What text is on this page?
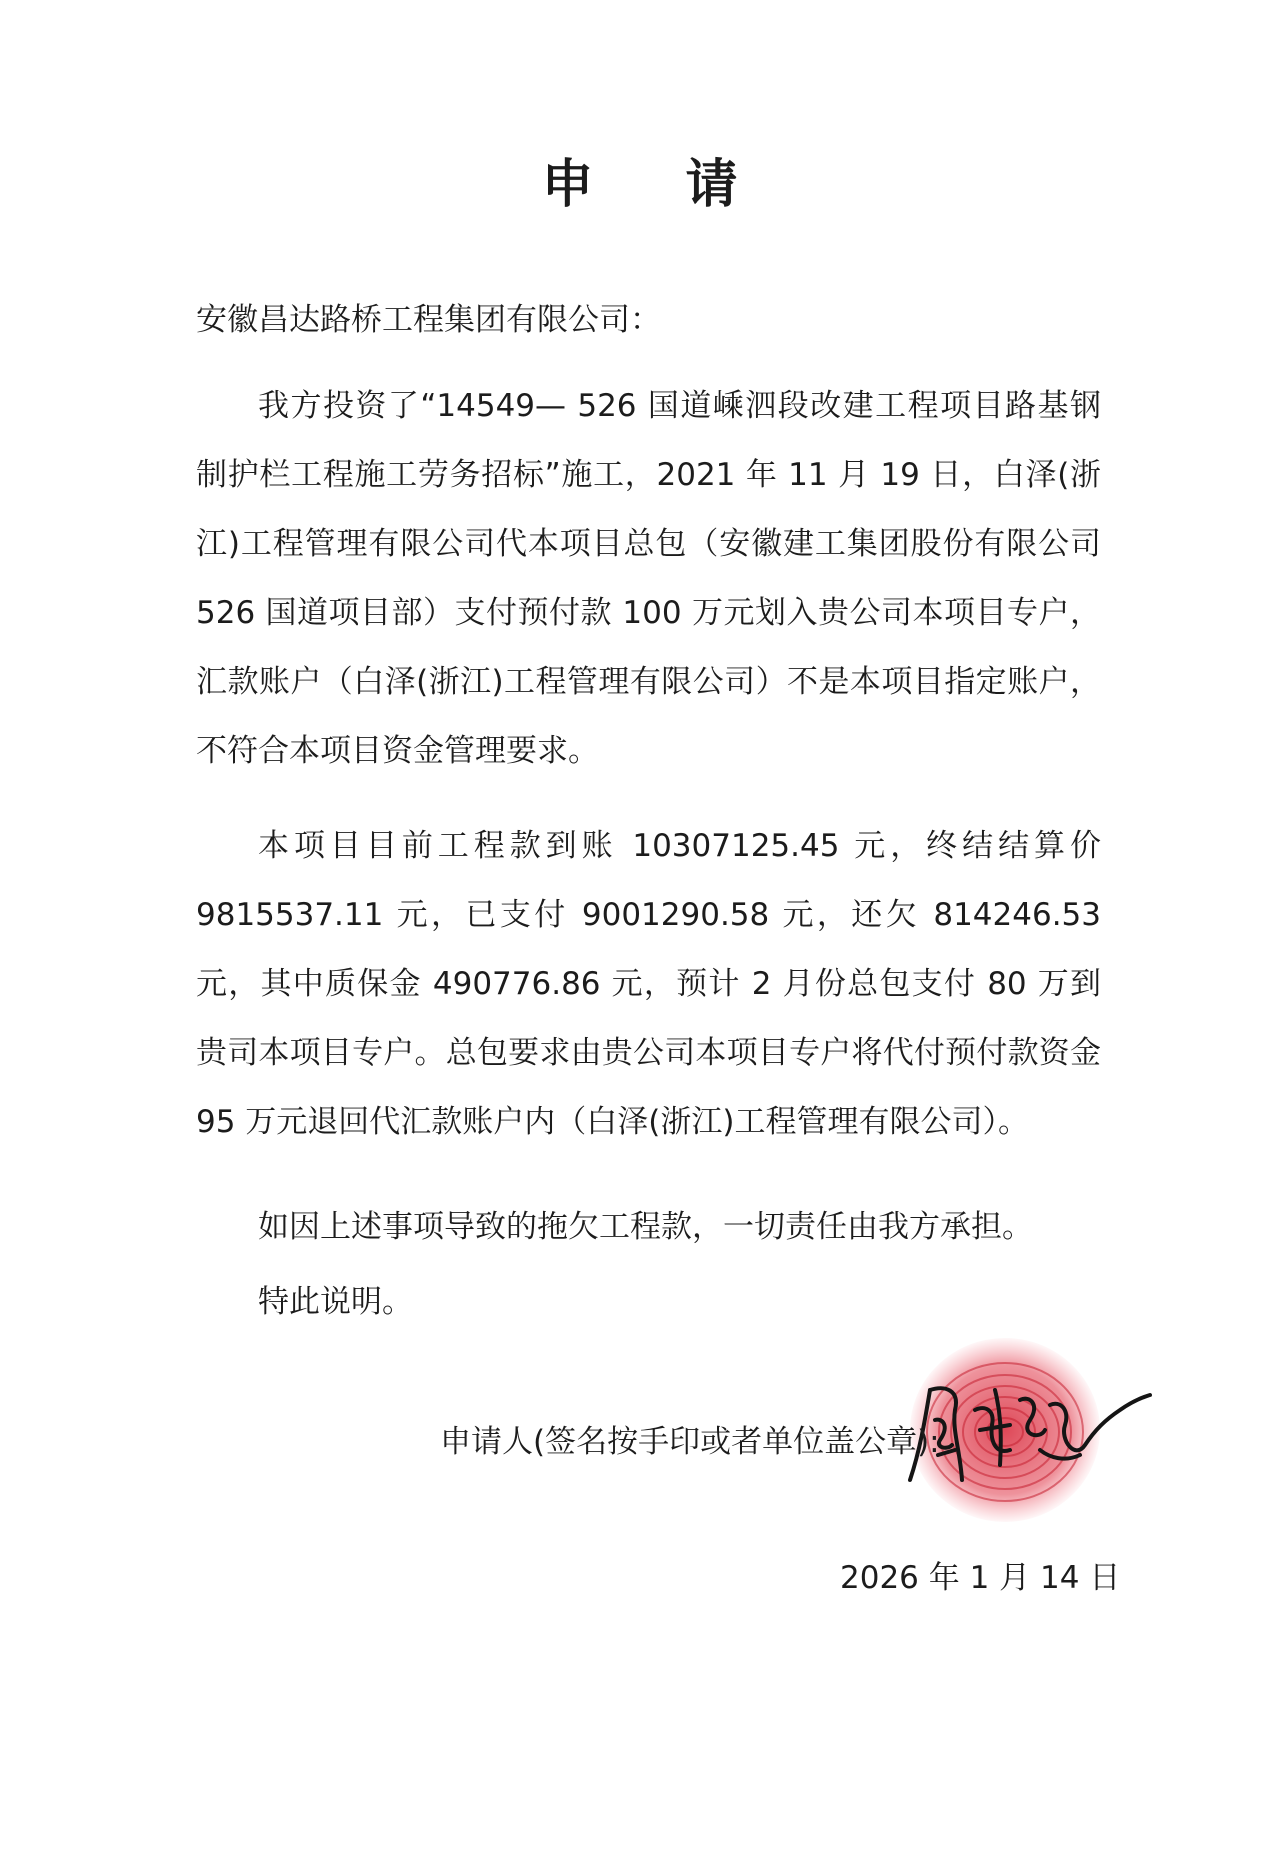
申 请
安徽昌达路桥工程集团有限公司：

我方投资了“14549— 526 国道嵊泗段改建工程项目路基钢制护栏工程施工劳务招标”施工，2021 年 11 月 19 日，白泽(浙江)工程管理有限公司代本项目总包（安徽建工集团股份有限公司 526 国道项目部）支付预付款 100 万元划入贵公司本项目专户，汇款账户（白泽(浙江)工程管理有限公司）不是本项目指定账户，不符合本项目资金管理要求。

本项目目前工程款到账 10307125.45 元，终结结算价 9815537.11 元，已支付 9001290.58 元，还欠 814246.53 元，其中质保金 490776.86 元，预计 2 月份总包支付 80 万到贵司本项目专户。总包要求由贵公司本项目专户将代付预付款资金 95 万元退回代汇款账户内（白泽(浙江)工程管理有限公司）。

如因上述事项导致的拖欠工程款，一切责任由我方承担。
特此说明。
申请人(签名按手印或者单位盖公章):
2026 年 1 月 14 日
